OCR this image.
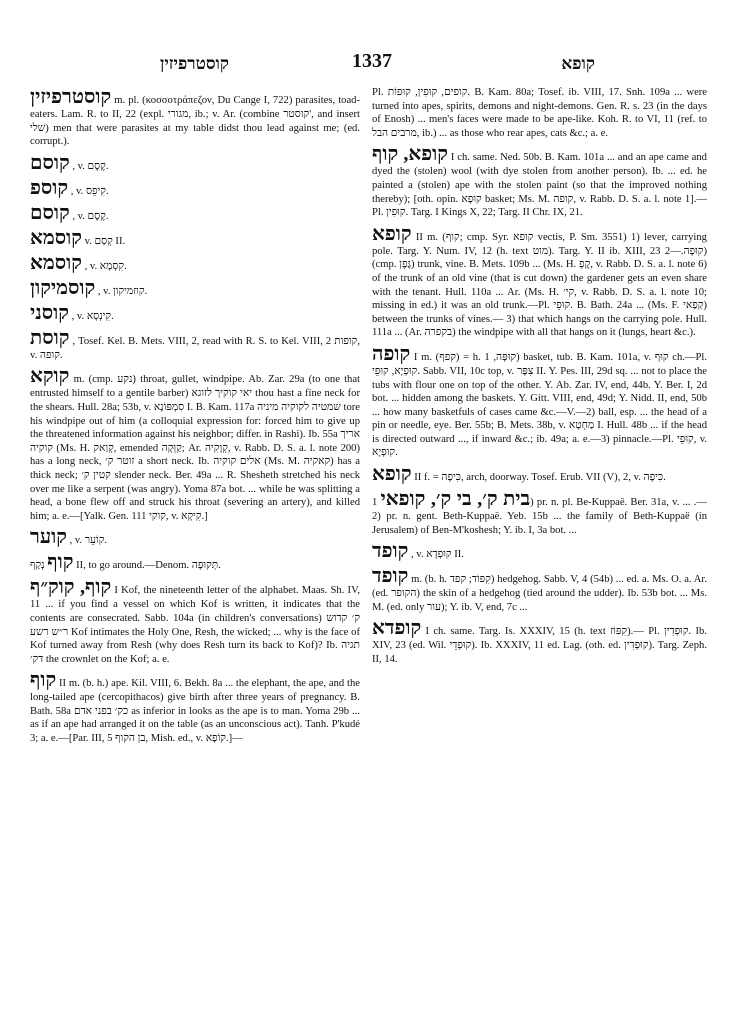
קוסטרפיזין	1337	קופא

קוסטרפיזין m. pl. (κοσσοτράπεζον, Du Cange I, 722) parasites, toad-eaters. Lam. R. to II, 22 (expl. מגורי, ib.; v. Ar. (combine קוסטר', and insert שלי) men that were parasites at my table didst thou lead against me; (ed. corrupt.).

קוסם , v. קֶסֶם.

קוספ , v. קִיפֵס.

קוסם , v. קֶסֶם.

קוסמא v. קְסַם II.

קוסמא , v. קִסְמָא.

קוסמיקון , v. קוזמיקון.

קוסני , v. קִינְסָא.

קוסת , Tosef. Kel. B. Mets. VIII, 2, read with R. S. to Kel. VIII, 2 קופות, v. קופה.

קוקא m. (cmp. נקע) throat, gullet, windpipe. Ab. Zar. 29a (to one that entrusted himself to a gentile barber) יאי קוקיך לזוגא thou hast a fine neck for the shears. Hull. 28a; 53b, v. סִמְפּוֹנָא I. B. Kam. 117a שמטיה לקוקיה מיניה tore his windpipe out of him (a colloquial expression for: forced him to give up the threatened information against his neighbor; differ. in Rashi). Ib. 55a אריך קוקיה (Ms. H. קְוַאק, emended קַוְּקָה; Ar. קְוָקִיה, v. Rabb. D. S. a. l. note 200) has a long neck, זוטר ק׳ a short neck. Ib. אלים קוקיה (Ms. M. קאקיה) has a thick neck; קטין ק׳ slender neck. Ber. 49a ... R. Shesheth stretched his neck over me like a serpent (was angry). Yoma 87a bot. ... while he was splitting a head, a bone flew off and struck his throat (severing an artery), and killed him; a. e.—[Yalk. Gen. 111 קוקי, v. קִיקָא.]

קוער , v. קוֹעֵר.

קוף נְקַף II, to go around.—Denom. תְּקוּפָה.

קוף, קוק״ף I Kof, the nineteenth letter of the alphabet. Maas. Sh. IV, 11 ... if you find a vessel on which Kof is written, it indicates that the contents are consecrated. Sabb. 104a (in children's conversations) ק׳ קדוש ר״ש רשע Kof intimates the Holy One, Resh, the wicked; ... why is the face of Kof turned away from Resh (why does Resh turn its back to Kof)? Ib. תגיה דק׳ the crownlet on the Kof; a. e.

קוף II m. (b. h.) ape. Kil. VIII, 6. Bekh. 8a ... the elephant, the ape, and the long-tailed ape (cercopithacos) give birth after three years of pregnancy. B. Bath. 58a כק׳ בפני אדם as inferior in looks as the ape is to man. Yoma 29b ... as if an ape had arranged it on the table (as an unconscious act). Tanh. P'kudé 3; a. e.—[Par. III, 5 בן הקוף, Mish. ed., v. קוֹפָא.]—

Pl. קופים, קוּפִין, קוּפוֹת. B. Kam. 80a; Tosef. ib. VIII, 17. Snh. 109a ... were turned into apes, spirits, demons and night-demons. Gen. R. s. 23 (in the days of Enosh) ... men's faces were made to be ape-like. Koh. R. to VI, 11 (ref. to מרבים הבל, ib.) ... as those who rear apes, cats &c.; a. e.

קופא, קוף I ch. same. Ned. 50b. B. Kam. 101a ... and an ape came and dyed the (stolen) wool (with dye stolen from another person). Ib. ... ed. he painted a (stolen) ape with the stolen paint (so that the improved nothing thereby); [oth. opin. קוּפָא basket; Ms. M. קופה, v. Rabb. D. S. a. l. note 1].—Pl. קוּפִין. Targ. I Kings X, 22; Targ. II Chr. IX, 21.

קופא II m. (קוף; cmp. Syr. קופא vectis, P. Sm. 3551) 1) lever, carrying pole. Targ. Y. Num. IV, 12 (h. text מוט). Targ. Y. II ib. XIII, 23 קוּפָה.—2) (cmp. גֶּפֶן) trunk, vine. B. Mets. 109b ... (Ms. H. קֶפָ, v. Rabb. D. S. a. l. note 6) of the trunk of an old vine (that is cut down) the gardener gets an even share with the tenant. Hull. 110a ... Ar. (Ms. H. קי׳, v. Rabb. D. S. a. l. note 10; missing in ed.) it was an old trunk.—Pl. קוּפֵי. B. Bath. 24a ... (Ms. F. קַפַאי) between the trunks of vines.— 3) that which hangs on the carrying pole. Hull. 111a ... (Ar. בקפרה) the windpipe with all that hangs on it (lungs, heart &c.).

קופה I m. (קפף) = h. קוּפָּה, 1) basket, tub. B. Kam. 101a, v. קוּף ch.—Pl. קוּפְיָא, קוּפֵי. Sabb. VII, 10c top, v. צִפָּר II. Y. Pes. III, 29d sq. ... not to place the tubs with flour one on top of the other. Y. Ab. Zar. IV, end, 44b. Y. Ber. I, 2d bot. ... hidden among the baskets. Y. Gitt. VIII, end, 49d; Y. Nidd. II, end, 50b ... how many basketfuls of cases came &c.—V.—2) ball, esp. ... the head of a pin or needle, eye. Ber. 55b; B. Mets. 38b, v. מַחְטָא I. Hull. 48b ... if the head is directed outward ..., if inward &c.; ib. 49a; a. e.—3) pinnacle.—Pl. קוּפֵי, v. קוּפְיָא.

קופא II f. = כִּיפָה, arch, doorway. Tosef. Erub. VII (V), 2, v. כִּיפָה.

בית ק׳, בי ק׳, קופאי 1) pr. n. pl. Be-Kuppaë. Ber. 31a, v. ... .—2) pr. n. gent. Beth-Kuppaë. Yeb. 15b ... the family of Beth-Kuppaë (in Jerusalem) of Ben-M'koshesh; Y. ib. I, 3a bot. ...

קופד , v. קוּפְדָא II.

קופד m. (b. h. קִפּוֹד; קפד) hedgehog. Sabb. V, 4 (54b) ... ed. a. Ms. O. a. Ar. (ed. הקופר) the skin of a hedgehog (tied around the udder). Ib. 53b bot. ... Ms. M. (ed. only עור); Y. ib. V, end, 7c ...

קופדא I ch. same. Targ. Is. XXXIV, 15 (h. text קִפּוֹז).— Pl. קוּפְדִין. Ib. XIV, 23 (ed. Wil. קוּפְדֵי). Ib. XXXIV, 11 ed. Lag. (oth. ed. קוּפְדִין). Targ. Zeph. II, 14.
